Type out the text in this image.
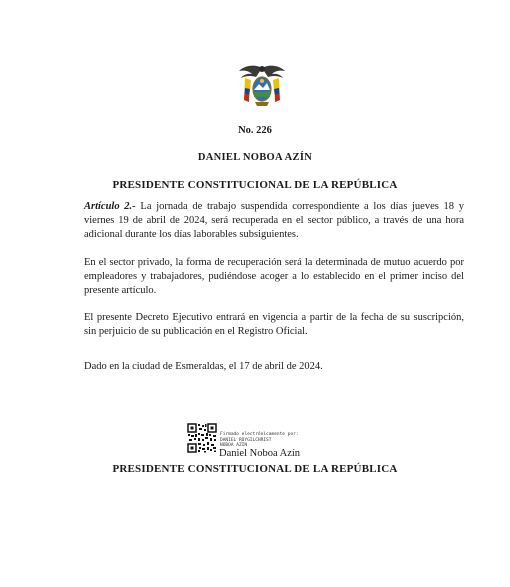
No. 226
DANIEL NOBOA AZÍN
PRESIDENTE CONSTITUCIONAL DE LA REPÚBLICA

Artículo 2.- La jornada de trabajo suspendida correspondiente a los días jueves 18 y viernes 19 de abril de 2024, será recuperada en el sector público, a través de una hora adicional durante los días laborables subsiguientes.

En el sector privado, la forma de recuperación será la determinada de mutuo acuerdo por empleadores y trabajadores, pudiéndose acoger a lo establecido en el primer inciso del presente artículo.

El presente Decreto Ejecutivo entrará en vigencia a partir de la fecha de su suscripción, sin perjuicio de su publicación en el Registro Oficial.

Dado en la ciudad de Esmeraldas, el 17 de abril de 2024.

Firmado electrónicamente por:
DANIEL ROYGILCHRIST
NOBOA AZIN
Daniel Noboa Azín
PRESIDENTE CONSTITUCIONAL DE LA REPÚBLICA
